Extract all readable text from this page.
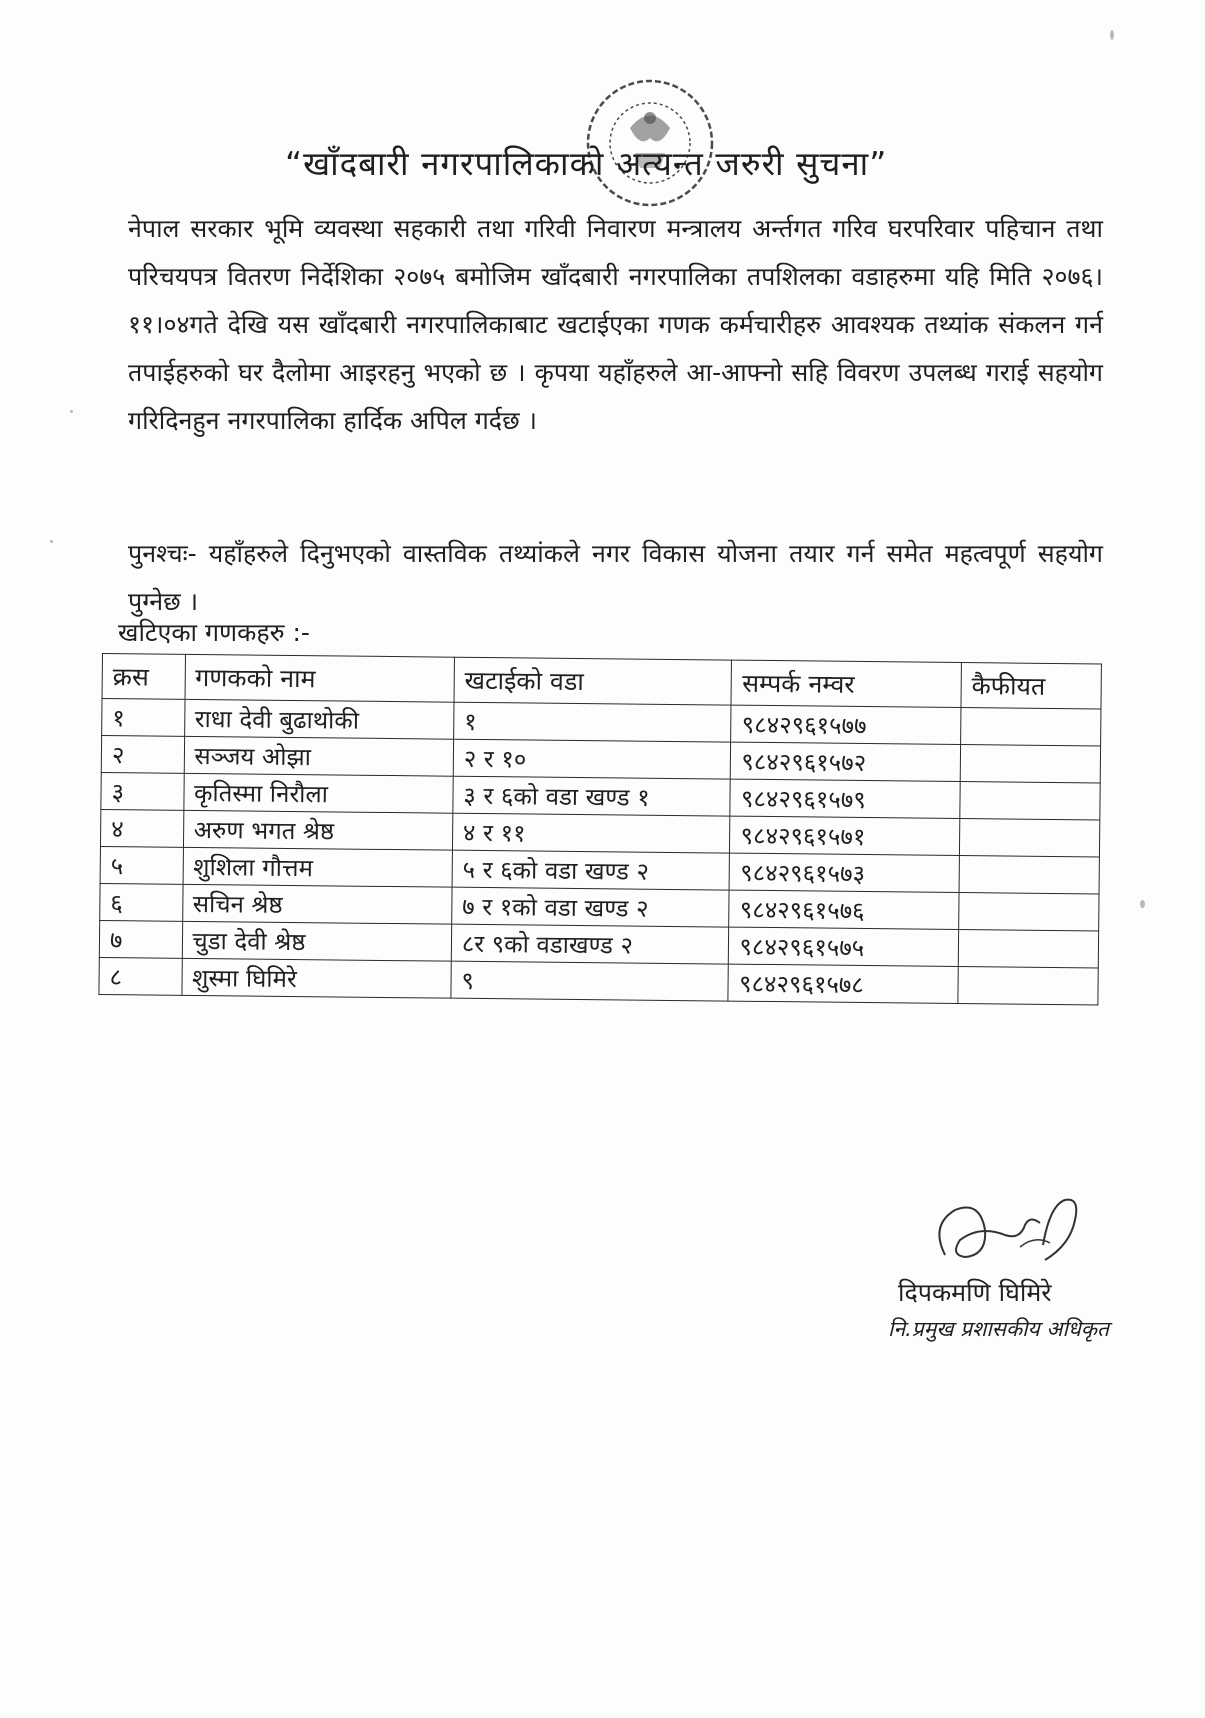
“खाँदबारी नगरपालिकाको अत्यन्त जरुरी सुचना”
नेपाल सरकार भूमि व्यवस्था सहकारी तथा गरिवी निवारण मन्त्रालय अर्न्तगत गरिव घरपरिवार पहिचान तथा परिचयपत्र वितरण निर्देशिका २०७५ बमोजिम खाँदबारी नगरपालिका तपशिलका वडाहरुमा यहि मिति २०७६।११।०४गते देखि यस खाँदबारी नगरपालिकाबाट खटाईएका गणक कर्मचारीहरु आवश्यक तथ्यांक संकलन गर्न तपाईहरुको घर दैलोमा आइरहनु भएको छ । कृपया यहाँहरुले आ-आफ्नो सहि विवरण उपलब्ध गराई सहयोग गरिदिनहुन नगरपालिका हार्दिक अपिल गर्दछ ।
पुनश्चः- यहाँहरुले दिनुभएको वास्तविक तथ्यांकले नगर विकास योजना तयार गर्न समेत महत्वपूर्ण सहयोग पुग्नेछ ।
खटिएका गणकहरु :-
क्रस	गणकको नाम	खटाईको वडा	सम्पर्क नम्वर	कैफीयत
१	राधा देवी बुढाथोकी	१	९८४२९६१५७७	
२	सञ्जय ओझा	२ र १०	९८४२९६१५७२	
३	कृतिस्मा निरौला	३ र ६को वडा खण्ड १	९८४२९६१५७९	
४	अरुण भगत श्रेष्ठ	४ र ११	९८४२९६१५७१	
५	शुशिला गौत्तम	५ र ६को वडा खण्ड २	९८४२९६१५७३	
६	सचिन श्रेष्ठ	७ र १को वडा खण्ड २	९८४२९६१५७६	
७	चुडा देवी श्रेष्ठ	८र ९को वडाखण्ड २	९८४२९६१५७५	
८	शुस्मा घिमिरे	९	९८४२९६१५७८	
दिपकमणि घिमिरे
नि.प्रमुख प्रशासकीय अधिकृत
